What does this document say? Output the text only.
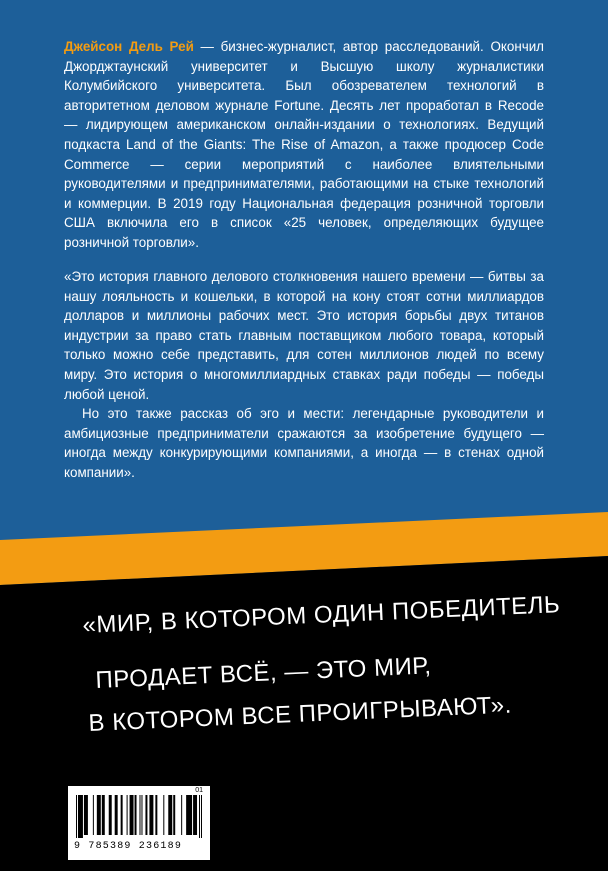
Джейсон Дель Рей — бизнес-журналист, автор расследований. Окончил Джорджтаунский университет и Высшую школу журналистики Колумбийского университета. Был обозревателем технологий в авторитетном деловом журнале Fortune. Десять лет проработал в Recode — лидирующем американском онлайн-издании о технологиях. Ведущий подкаста Land of the Giants: The Rise of Amazon, а также продюсер Code Commerce — серии мероприятий с наиболее влиятельными руководителями и предпринимателями, работающими на стыке технологий и коммерции. В 2019 году Национальная федерация розничной торговли США включила его в список «25 человек, определяющих будущее розничной торговли».

«Это история главного делового столкновения нашего времени — битвы за нашу лояльность и кошельки, в которой на кону стоят сотни миллиардов долларов и миллионы рабочих мест. Это история борьбы двух титанов индустрии за право стать главным поставщиком любого товара, который только можно себе представить, для сотен миллионов людей по всему миру. Это история о многомиллиардных ставках ради победы — победы любой ценой.

Но это также рассказ об эго и мести: легендарные руководители и амбициозные предприниматели сражаются за изобретение будущего — иногда между конкурирующими компаниями, а иногда — в стенах одной компании».

«МИР, В КОТОРОМ ОДИН ПОБЕДИТЕЛЬ
ПРОДАЕТ ВСЁ, — ЭТО МИР,
В КОТОРОМ ВСЕ ПРОИГРЫВАЮТ».
01
9 785389 236189
